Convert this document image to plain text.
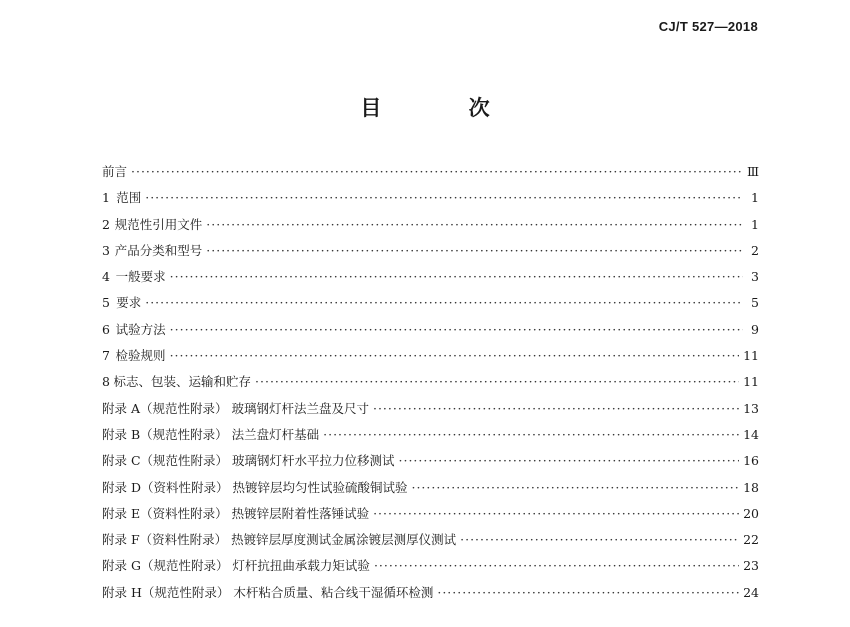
CJ/T 527—2018
目 次
前言 ·····	Ⅲ
1 范围 ·····	1
2 规范性引用文件 ·····	1
3 产品分类和型号 ·····	2
4 一般要求 ·····	3
5 要求 ·····	5
6 试验方法 ·····	9
7 检验规则 ·····	11
8 标志、包装、运输和贮存 ·····	11
附录 A（规范性附录） 玻璃钢灯杆法兰盘及尺寸 ·····	13
附录 B（规范性附录） 法兰盘灯杆基础 ·····	14
附录 C（规范性附录） 玻璃钢灯杆水平拉力位移测试 ·····	16
附录 D（资料性附录） 热镀锌层均匀性试验硫酸铜试验 ·····	18
附录 E（资料性附录） 热镀锌层附着性落锤试验 ·····	20
附录 F（资料性附录） 热镀锌层厚度测试金属涂镀层测厚仪测试 ·····	22
附录 G（规范性附录） 灯杆抗扭曲承载力矩试验 ·····	23
附录 H（规范性附录） 木杆粘合质量、粘合线干湿循环检测 ·····	24
